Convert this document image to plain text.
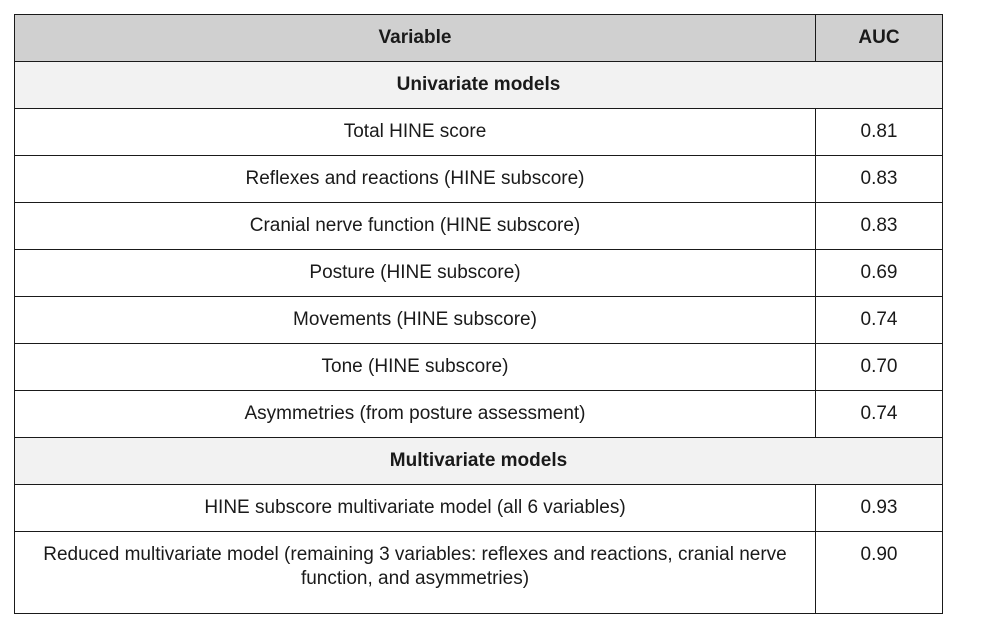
Variable	AUC
Univariate models	
Total HINE score	0.81
Reflexes and reactions (HINE subscore)	0.83
Cranial nerve function (HINE subscore)	0.83
Posture (HINE subscore)	0.69
Movements (HINE subscore)	0.74
Tone (HINE subscore)	0.70
Asymmetries (from posture assessment)	0.74
Multivariate models	
HINE subscore multivariate model (all 6 variables)	0.93
Reduced multivariate model (remaining 3 variables: reflexes and reactions, cranial nerve function, and asymmetries)	0.90
